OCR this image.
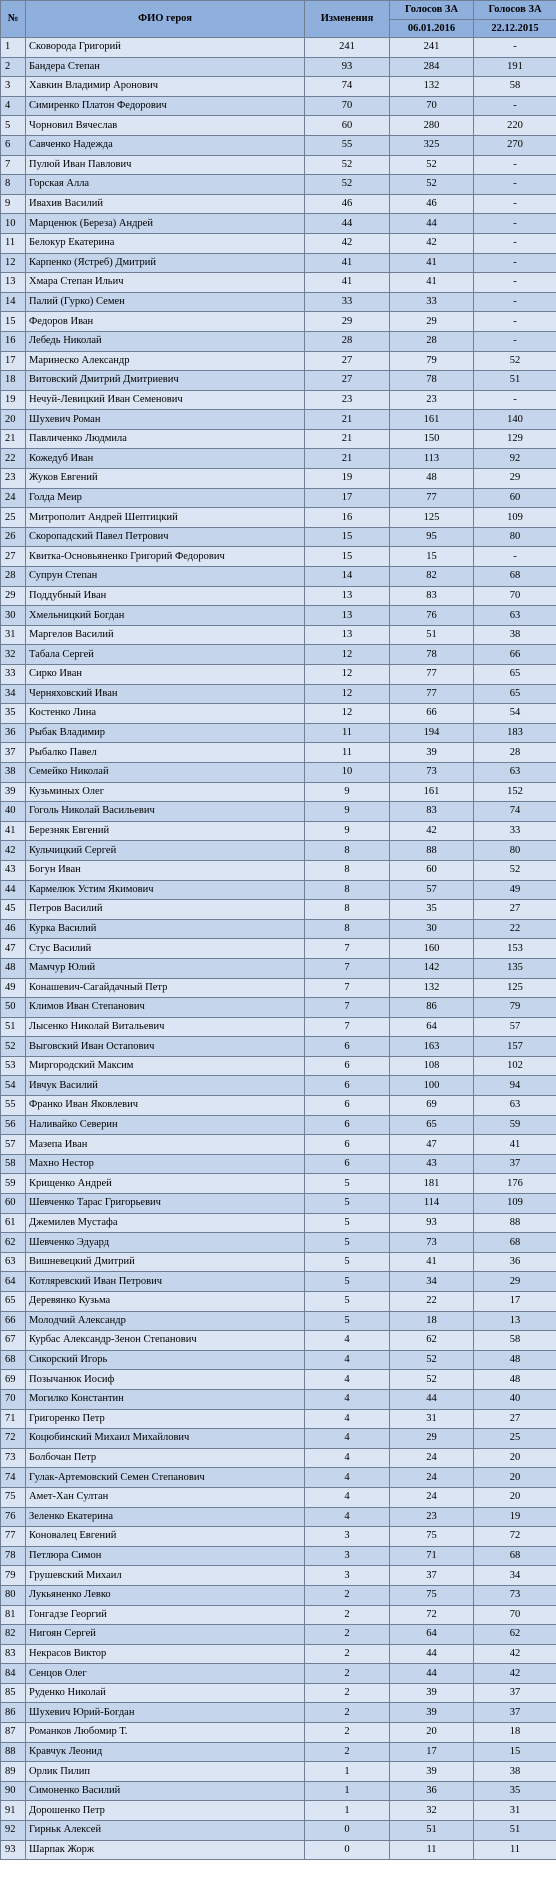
№	ФИО героя	Изменения	Голосов ЗА	Голосов ЗА
			06.01.2016	22.12.2015
1	Сковорода Григорий	241	241	-
2	Бандера Степан	93	284	191
3	Хавкин Владимир Аронович	74	132	58
4	Симиренко Платон Федорович	70	70	-
5	Чорновил Вячеслав	60	280	220
6	Савченко Надежда	55	325	270
7	Пулюй Иван Павлович	52	52	-
8	Горская Алла	52	52	-
9	Ивахив Василий	46	46	-
10	Марценюк (Береза) Андрей	44	44	-
11	Белокур Екатерина	42	42	-
12	Карпенко (Ястреб) Дмитрий	41	41	-
13	Хмара Степан Ильич	41	41	-
14	Палий (Гурко) Семен	33	33	-
15	Федоров Иван	29	29	-
16	Лебедь Николай	28	28	-
17	Маринеско Александр	27	79	52
18	Витовский Дмитрий Дмитриевич	27	78	51
19	Нечуй-Левицкий Иван Семенович	23	23	-
20	Шухевич Роман	21	161	140
21	Павличенко Людмила	21	150	129
22	Кожедуб Иван	21	113	92
23	Жуков Евгений	19	48	29
24	Голда Меир	17	77	60
25	Митрополит Андрей Шептицкий	16	125	109
26	Скоропадский Павел Петрович	15	95	80
27	Квитка-Основьяненко Григорий Федорович	15	15	-
28	Супрун Степан	14	82	68
29	Поддубный Иван	13	83	70
30	Хмельницкий Богдан	13	76	63
31	Маргелов Василий	13	51	38
32	Табала Сергей	12	78	66
33	Сирко Иван	12	77	65
34	Черняховский Иван	12	77	65
35	Костенко Лина	12	66	54
36	Рыбак Владимир	11	194	183
37	Рыбалко Павел	11	39	28
38	Семейко Николай	10	73	63
39	Кузьминых Олег	9	161	152
40	Гоголь Николай Васильевич	9	83	74
41	Березняк Евгений	9	42	33
42	Кульчицкий Сергей	8	88	80
43	Богун Иван	8	60	52
44	Кармелюк Устим Якимович	8	57	49
45	Петров Василий	8	35	27
46	Курка Василий	8	30	22
47	Стус Василий	7	160	153
48	Мамчур Юлий	7	142	135
49	Конашевич-Сагайдачный Петр	7	132	125
50	Климов Иван Степанович	7	86	79
51	Лысенко Николай Витальевич	7	64	57
52	Выговский Иван Остапович	6	163	157
53	Миргородский Максим	6	108	102
54	Ивчук Василий	6	100	94
55	Франко Иван Яковлевич	6	69	63
56	Наливайко Северин	6	65	59
57	Мазепа Иван	6	47	41
58	Махно Нестор	6	43	37
59	Крищенко Андрей	5	181	176
60	Шевченко Тарас Григорьевич	5	114	109
61	Джемилев Мустафа	5	93	88
62	Шевченко Эдуард	5	73	68
63	Вишневецкий Дмитрий	5	41	36
64	Котляревский Иван Петрович	5	34	29
65	Деревянко Кузьма	5	22	17
66	Молодчий Александр	5	18	13
67	Курбас Александр-Зенон Степанович	4	62	58
68	Сикорский Игорь	4	52	48
69	Позычанюк Иосиф	4	52	48
70	Могилко Константин	4	44	40
71	Григоренко Петр	4	31	27
72	Коцюбинский Михаил Михайлович	4	29	25
73	Болбочан Петр	4	24	20
74	Гулак-Артемовский Семен Степанович	4	24	20
75	Амет-Хан Султан	4	24	20
76	Зеленко Екатерина	4	23	19
77	Коновалец Евгений	3	75	72
78	Петлюра Симон	3	71	68
79	Грушевский Михаил	3	37	34
80	Лукьяненко Левко	2	75	73
81	Гонгадзе Георгий	2	72	70
82	Нигоян Сергей	2	64	62
83	Некрасов Виктор	2	44	42
84	Сенцов Олег	2	44	42
85	Руденко Николай	2	39	37
86	Шухевич Юрий-Богдан	2	39	37
87	Романков Любомир Т.	2	20	18
88	Кравчук Леонид	2	17	15
89	Орлик Пилип	1	39	38
90	Симоненко Василий	1	36	35
91	Дорошенко Петр	1	32	31
92	Гирньк Алексей	0	51	51
93	Шарпак Жорж	0	11	11
